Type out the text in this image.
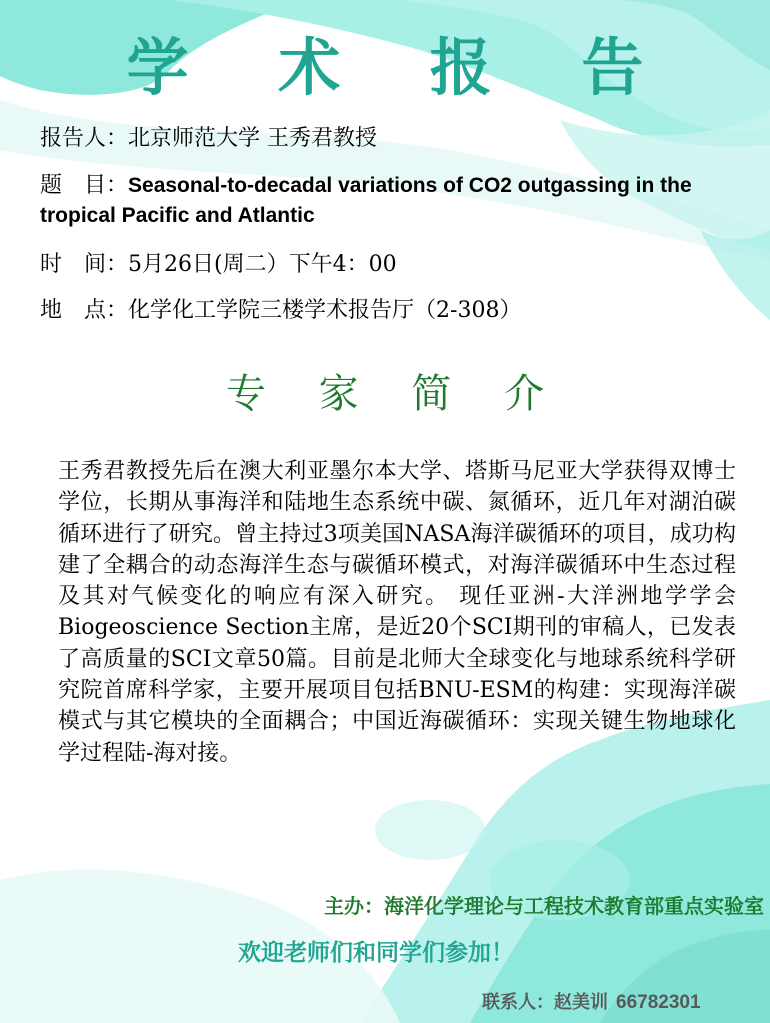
学 术 报 告
报告人：北京师范大学 王秀君教授
题　目：Seasonal-to-decadal variations of CO2 outgassing in the tropical Pacific and Atlantic
时　间：5月26日(周二）下午4：00
地　点：化学化工学院三楼学术报告厅（2-308）
专 家 简 介

王秀君教授先后在澳大利亚墨尔本大学、塔斯马尼亚大学获得双博士学位，长期从事海洋和陆地生态系统中碳、氮循环，近几年对湖泊碳循环进行了研究。曾主持过3项美国NASA海洋碳循环的项目，成功构建了全耦合的动态海洋生态与碳循环模式，对海洋碳循环中生态过程及其对气候变化的响应有深入研究。 现任亚洲-大洋洲地学学会Biogeoscience Section主席，是近20个SCI期刊的审稿人，已发表了高质量的SCI文章50篇。目前是北师大全球变化与地球系统科学研究院首席科学家，主要开展项目包括BNU-ESM的构建：实现海洋碳模式与其它模块的全面耦合；中国近海碳循环：实现关键生物地球化学过程陆-海对接。

主办：海洋化学理论与工程技术教育部重点实验室
欢迎老师们和同学们参加！
联系人：赵美训 66782301
